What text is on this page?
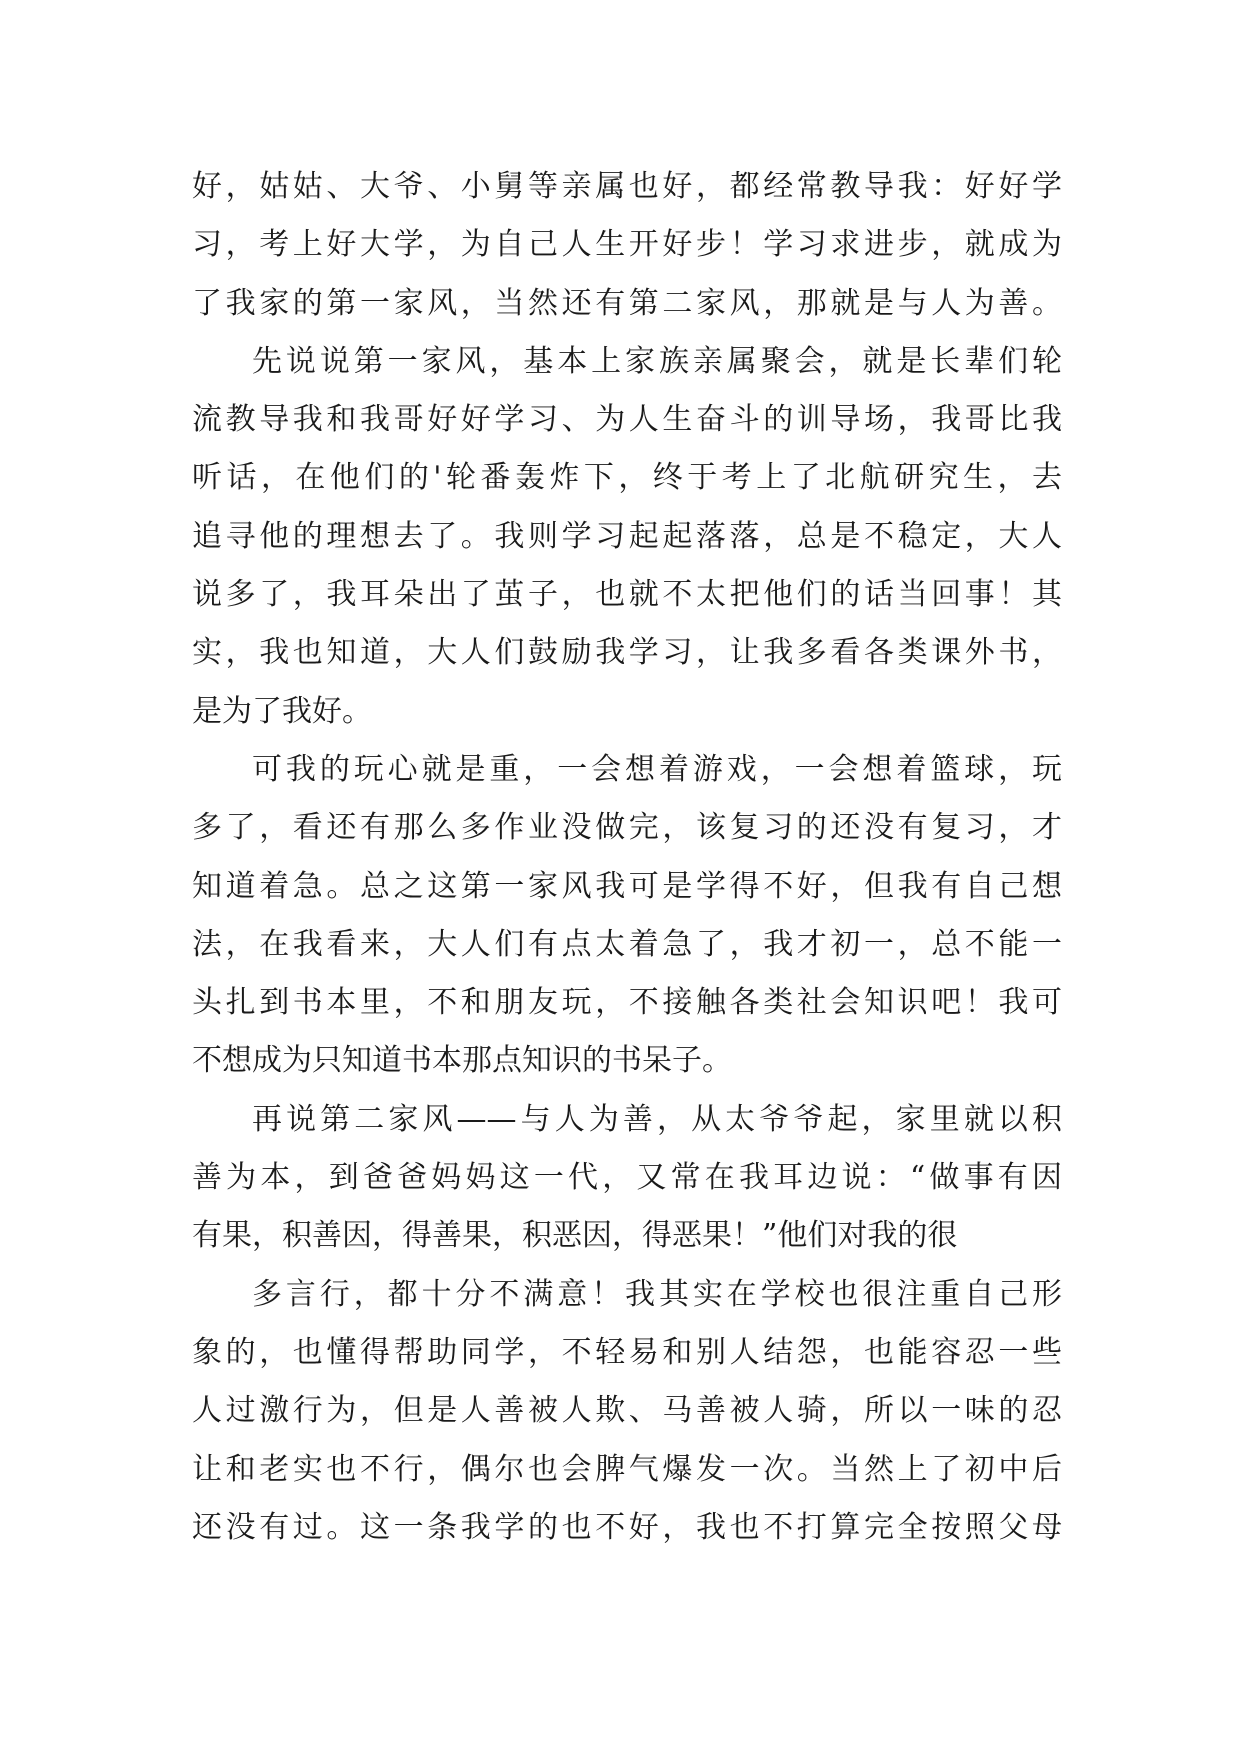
好，姑姑、大爷、小舅等亲属也好，都经常教导我：好好学
习，考上好大学，为自己人生开好步！学习求进步，就成为
了我家的第一家风，当然还有第二家风，那就是与人为善。
先说说第一家风，基本上家族亲属聚会，就是长辈们轮
流教导我和我哥好好学习、为人生奋斗的训导场，我哥比我
听话，在他们的'轮番轰炸下，终于考上了北航研究生，去
追寻他的理想去了。我则学习起起落落，总是不稳定，大人
说多了，我耳朵出了茧子，也就不太把他们的话当回事！其
实，我也知道，大人们鼓励我学习，让我多看各类课外书，
是为了我好。
可我的玩心就是重，一会想着游戏，一会想着篮球，玩
多了，看还有那么多作业没做完，该复习的还没有复习，才
知道着急。总之这第一家风我可是学得不好，但我有自己想
法，在我看来，大人们有点太着急了，我才初一，总不能一
头扎到书本里，不和朋友玩，不接触各类社会知识吧！我可
不想成为只知道书本那点知识的书呆子。
再说第二家风——与人为善，从太爷爷起，家里就以积
善为本，到爸爸妈妈这一代，又常在我耳边说：“做事有因
有果，积善因，得善果，积恶因，得恶果！”他们对我的很
多言行，都十分不满意！我其实在学校也很注重自己形
象的，也懂得帮助同学，不轻易和别人结怨，也能容忍一些
人过激行为，但是人善被人欺、马善被人骑，所以一味的忍
让和老实也不行，偶尔也会脾气爆发一次。当然上了初中后
还没有过。这一条我学的也不好，我也不打算完全按照父母
